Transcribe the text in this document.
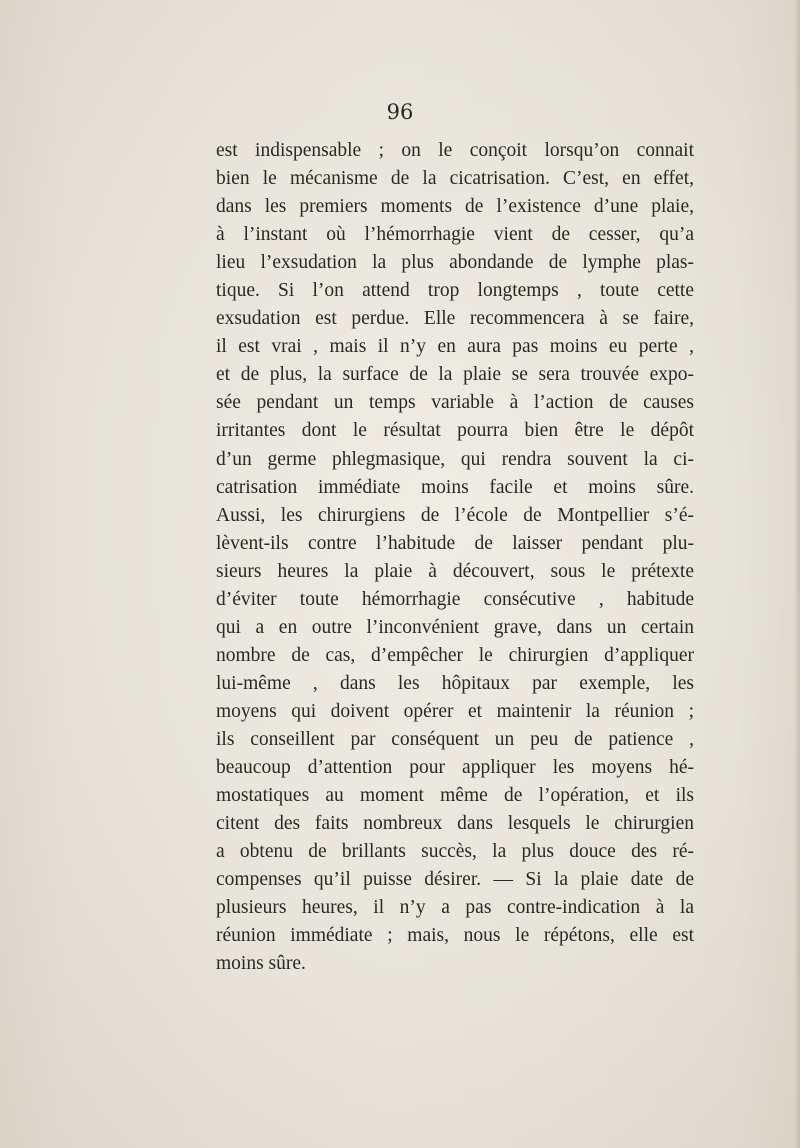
96

est indispensable ; on le conçoit lorsqu’on connait
bien le mécanisme de la cicatrisation. C’est, en effet,
dans les premiers moments de l’existence d’une plaie,
à l’instant où l’hémorrhagie vient de cesser, qu’a
lieu l’exsudation la plus abondande de lymphe plas-
tique. Si l’on attend trop longtemps , toute cette
exsudation est perdue. Elle recommencera à se faire,
il est vrai , mais il n’y en aura pas moins eu perte ,
et de plus, la surface de la plaie se sera trouvée expo-
sée pendant un temps variable à l’action de causes
irritantes dont le résultat pourra bien être le dépôt
d’un germe phlegmasique, qui rendra souvent la ci-
catrisation immédiate moins facile et moins sûre.
Aussi, les chirurgiens de l’école de Montpellier s’é-
lèvent-ils contre l’habitude de laisser pendant plu-
sieurs heures la plaie à découvert, sous le prétexte
d’éviter toute hémorrhagie consécutive , habitude
qui a en outre l’inconvénient grave, dans un certain
nombre de cas, d’empêcher le chirurgien d’appliquer
lui-même , dans les hôpitaux par exemple, les
moyens qui doivent opérer et maintenir la réunion ;
ils conseillent par conséquent un peu de patience ,
beaucoup d’attention pour appliquer les moyens hé-
mostatiques au moment même de l’opération, et ils
citent des faits nombreux dans lesquels le chirurgien
a obtenu de brillants succès, la plus douce des ré-
compenses qu’il puisse désirer. — Si la plaie date de
plusieurs heures, il n’y a pas contre-indication à la
réunion immédiate ; mais, nous le répétons, elle est
moins sûre.
